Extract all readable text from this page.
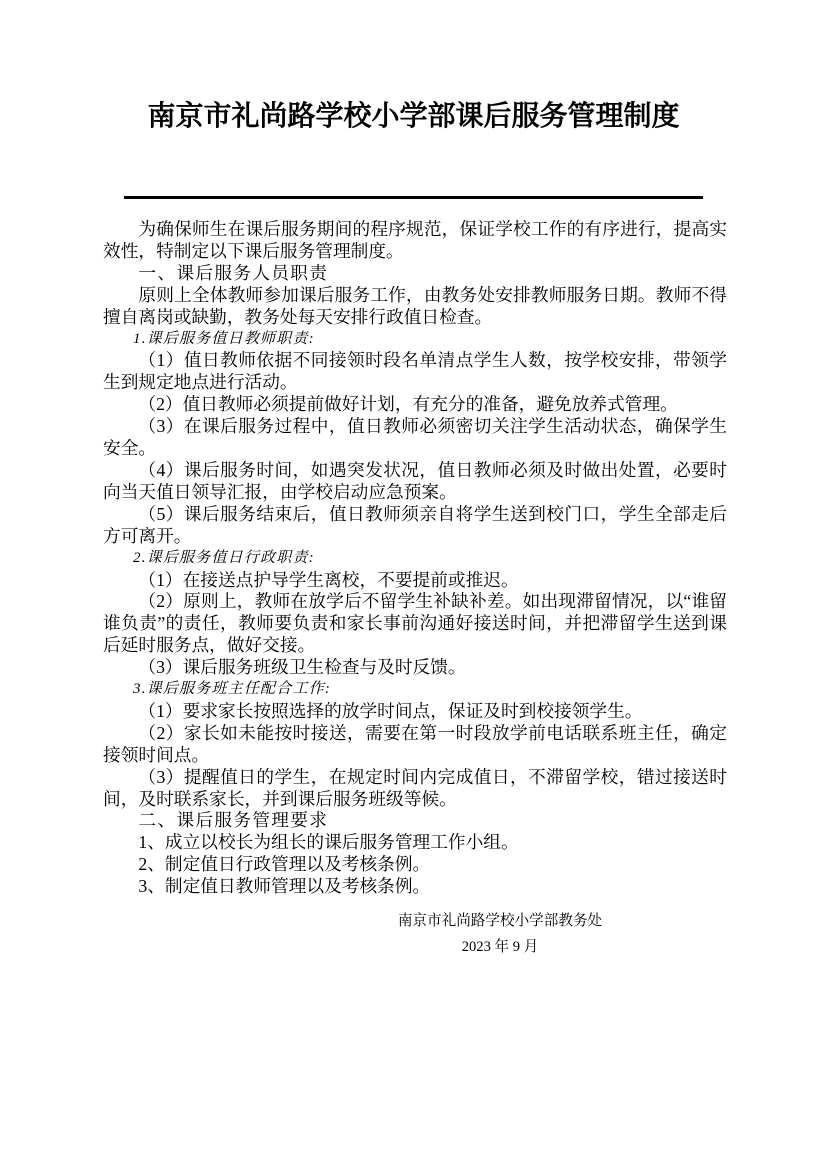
南京市礼尚路学校小学部课后服务管理制度

为确保师生在课后服务期间的程序规范，保证学校工作的有序进行，提高实效性，特制定以下课后服务管理制度。

一、课后服务人员职责

原则上全体教师参加课后服务工作，由教务处安排教师服务日期。教师不得擅自离岗或缺勤，教务处每天安排行政值日检查。

1.课后服务值日教师职责:

（1）值日教师依据不同接领时段名单清点学生人数，按学校安排，带领学生到规定地点进行活动。

（2）值日教师必须提前做好计划，有充分的准备，避免放养式管理。

（3）在课后服务过程中，值日教师必须密切关注学生活动状态，确保学生安全。

（4）课后服务时间，如遇突发状况，值日教师必须及时做出处置，必要时向当天值日领导汇报，由学校启动应急预案。

（5）课后服务结束后，值日教师须亲自将学生送到校门口，学生全部走后方可离开。

2.课后服务值日行政职责:

（1）在接送点护导学生离校，不要提前或推迟。

（2）原则上，教师在放学后不留学生补缺补差。如出现滞留情况，以“谁留谁负责”的责任，教师要负责和家长事前沟通好接送时间，并把滞留学生送到课后延时服务点，做好交接。

（3）课后服务班级卫生检查与及时反馈。

3.课后服务班主任配合工作:

（1）要求家长按照选择的放学时间点，保证及时到校接领学生。

（2）家长如未能按时接送，需要在第一时段放学前电话联系班主任，确定接领时间点。

（3）提醒值日的学生，在规定时间内完成值日，不滞留学校，错过接送时间，及时联系家长，并到课后服务班级等候。

二、课后服务管理要求

1、成立以校长为组长的课后服务管理工作小组。

2、制定值日行政管理以及考核条例。

3、制定值日教师管理以及考核条例。

南京市礼尚路学校小学部教务处
2023 年 9 月
